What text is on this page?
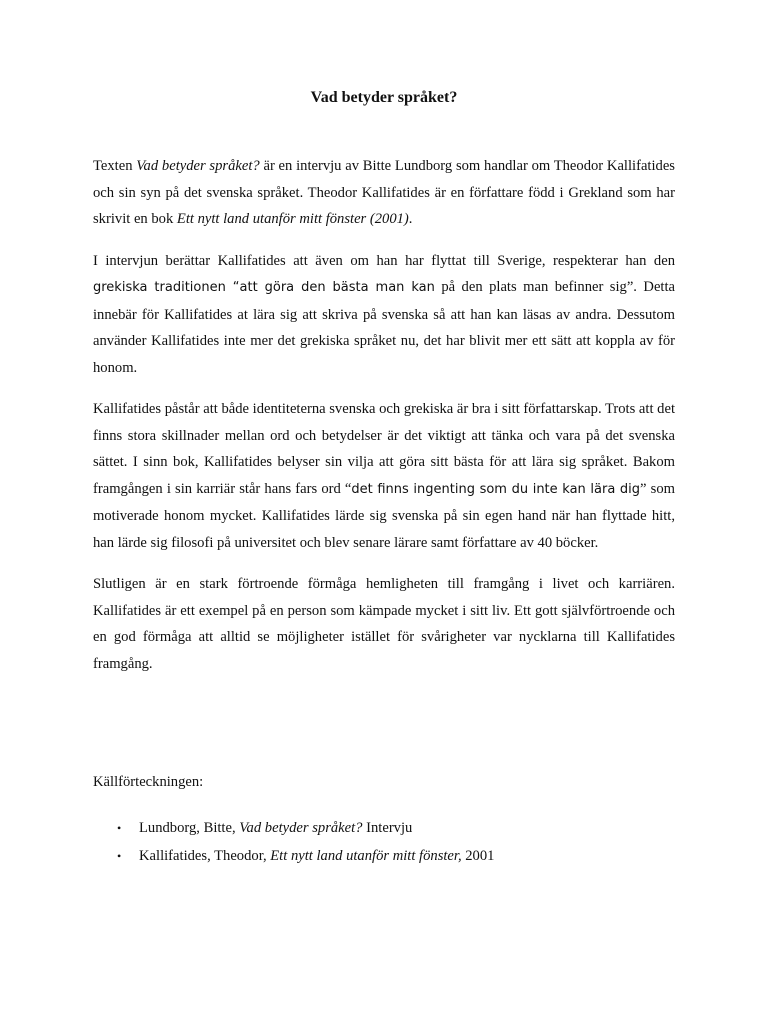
Vad betyder språket?

Texten Vad betyder språket? är en intervju av Bitte Lundborg som handlar om Theodor Kallifatides och sin syn på det svenska språket. Theodor Kallifatides är en författare född i Grekland som har skrivit en bok Ett nytt land utanför mitt fönster (2001).

I intervjun berättar Kallifatides att även om han har flyttat till Sverige, respekterar han den grekiska traditionen “att göra den bästa man kan på den plats man befinner sig”. Detta innebär för Kallifatides at lära sig att skriva på svenska så att han kan läsas av andra. Dessutom använder Kallifatides inte mer det grekiska språket nu, det har blivit mer ett sätt att koppla av för honom.

Kallifatides påstår att både identiteterna svenska och grekiska är bra i sitt författarskap. Trots att det finns stora skillnader mellan ord och betydelser är det viktigt att tänka och vara på det svenska sättet. I sinn bok, Kallifatides belyser sin vilja att göra sitt bästa för att lära sig språket. Bakom framgången i sin karriär står hans fars ord “det finns ingenting som du inte kan lära dig” som motiverade honom mycket. Kallifatides lärde sig svenska på sin egen hand när han flyttade hitt, han lärde sig filosofi på universitet och blev senare lärare samt författare av 40 böcker.

Slutligen är en stark förtroende förmåga hemligheten till framgång i livet och karriären. Kallifatides är ett exempel på en person som kämpade mycket i sitt liv. Ett gott självförtroende och en god förmåga att alltid se möjligheter istället för svårigheter var nycklarna till Kallifatides framgång.

Källförteckningen:

• Lundborg, Bitte, Vad betyder språket? Intervju
• Kallifatides, Theodor, Ett nytt land utanför mitt fönster, 2001
